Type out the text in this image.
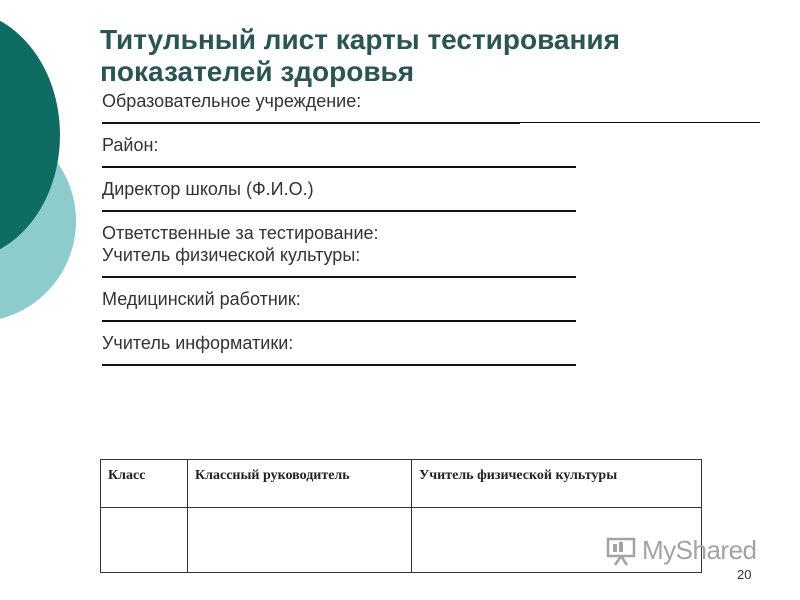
Титульный лист карты тестирования
показателей здоровья
Образовательное учреждение:
Район:
Директор школы (Ф.И.О.)
Ответственные за тестирование:
Учитель физической культуры:
Медицинский работник:
Учитель информатики:
Класс	Классный руководитель	Учитель физической культуры

MyShared
20
